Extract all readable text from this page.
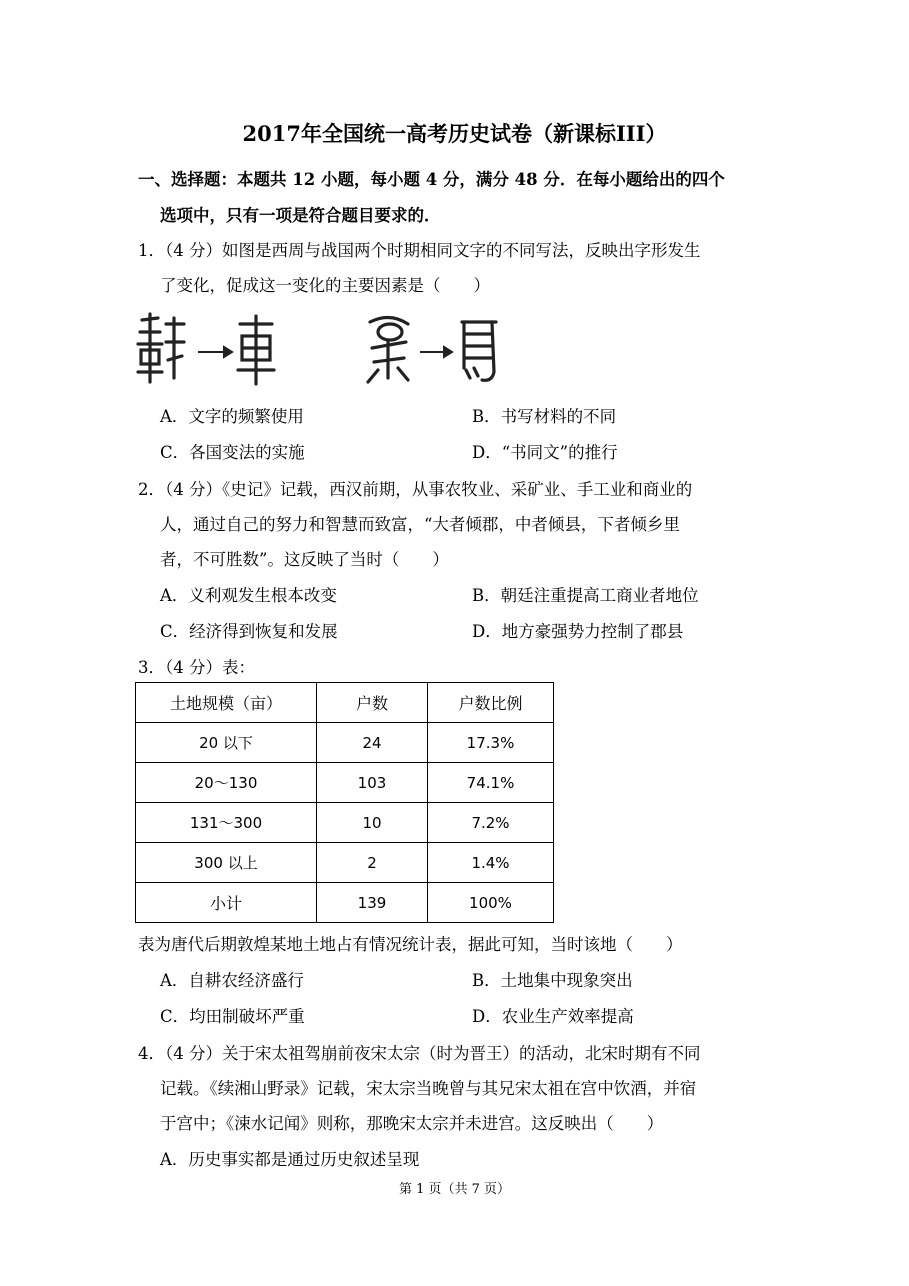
2017年全国统一高考历史试卷（新课标III）
一、选择题：本题共 12 小题，每小题 4 分，满分 48 分．在每小题给出的四个
选项中，只有一项是符合题目要求的．
1．（4 分）如图是西周与战国两个时期相同文字的不同写法，反映出字形发生
了变化，促成这一变化的主要因素是（　　）
A．文字的频繁使用	B．书写材料的不同
C．各国变法的实施	D．“书同文”的推行
2．（4 分）《史记》记载，西汉前期，从事农牧业、采矿业、手工业和商业的
人，通过自己的努力和智慧而致富，“大者倾郡，中者倾县，下者倾乡里
者，不可胜数”。这反映了当时（　　）
A．义利观发生根本改变	B．朝廷注重提高工商业者地位
C．经济得到恢复和发展	D．地方豪强势力控制了郡县
3．（4 分）表：
土地规模（亩）	户数	户数比例
20 以下	24	17.3%
20～130	103	74.1%
131～300	10	7.2%
300 以上	2	1.4%
小计	139	100%
表为唐代后期敦煌某地土地占有情况统计表，据此可知，当时该地（　　）
A．自耕农经济盛行	B．土地集中现象突出
C．均田制破坏严重	D．农业生产效率提高
4．（4 分）关于宋太祖驾崩前夜宋太宗（时为晋王）的活动，北宋时期有不同
记载。《续湘山野录》记载，宋太宗当晚曾与其兄宋太祖在宫中饮酒，并宿
于宫中；《涑水记闻》则称，那晚宋太宗并未进宫。这反映出（　　）
A．历史事实都是通过历史叙述呈现
第 1 页（共 7 页）
